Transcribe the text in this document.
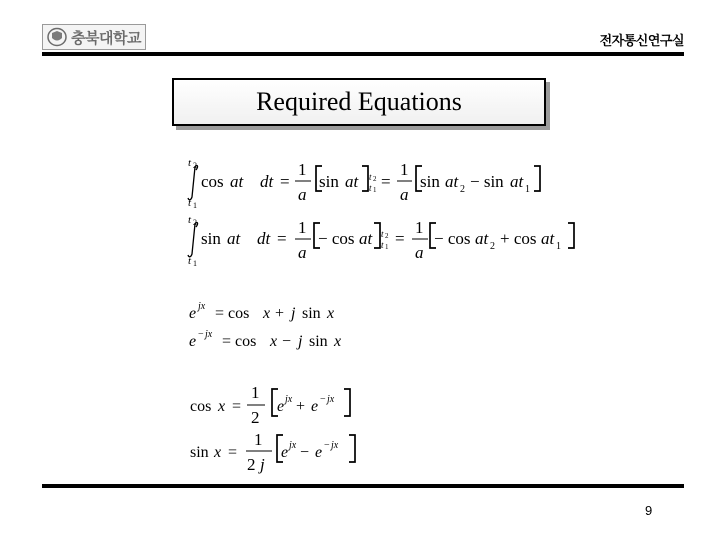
충북대학교	전자통신연구실
Required Equations
t 2
t 1
cos at dt =
1
a
sin at t 2
t 1 =
1
a
sin at 2 − sin at 1
t 2
t 1
sin at dt =
1
a
− cos at t 2
t 1 =
1
a
− cos at 2 + cos at 1
e jx = cos x + j sin x
e − jx = cos x − j sin x
cos x =
1
2
e jx + e − jx
sin x =
1
2 j
e jx − e − jx
9
